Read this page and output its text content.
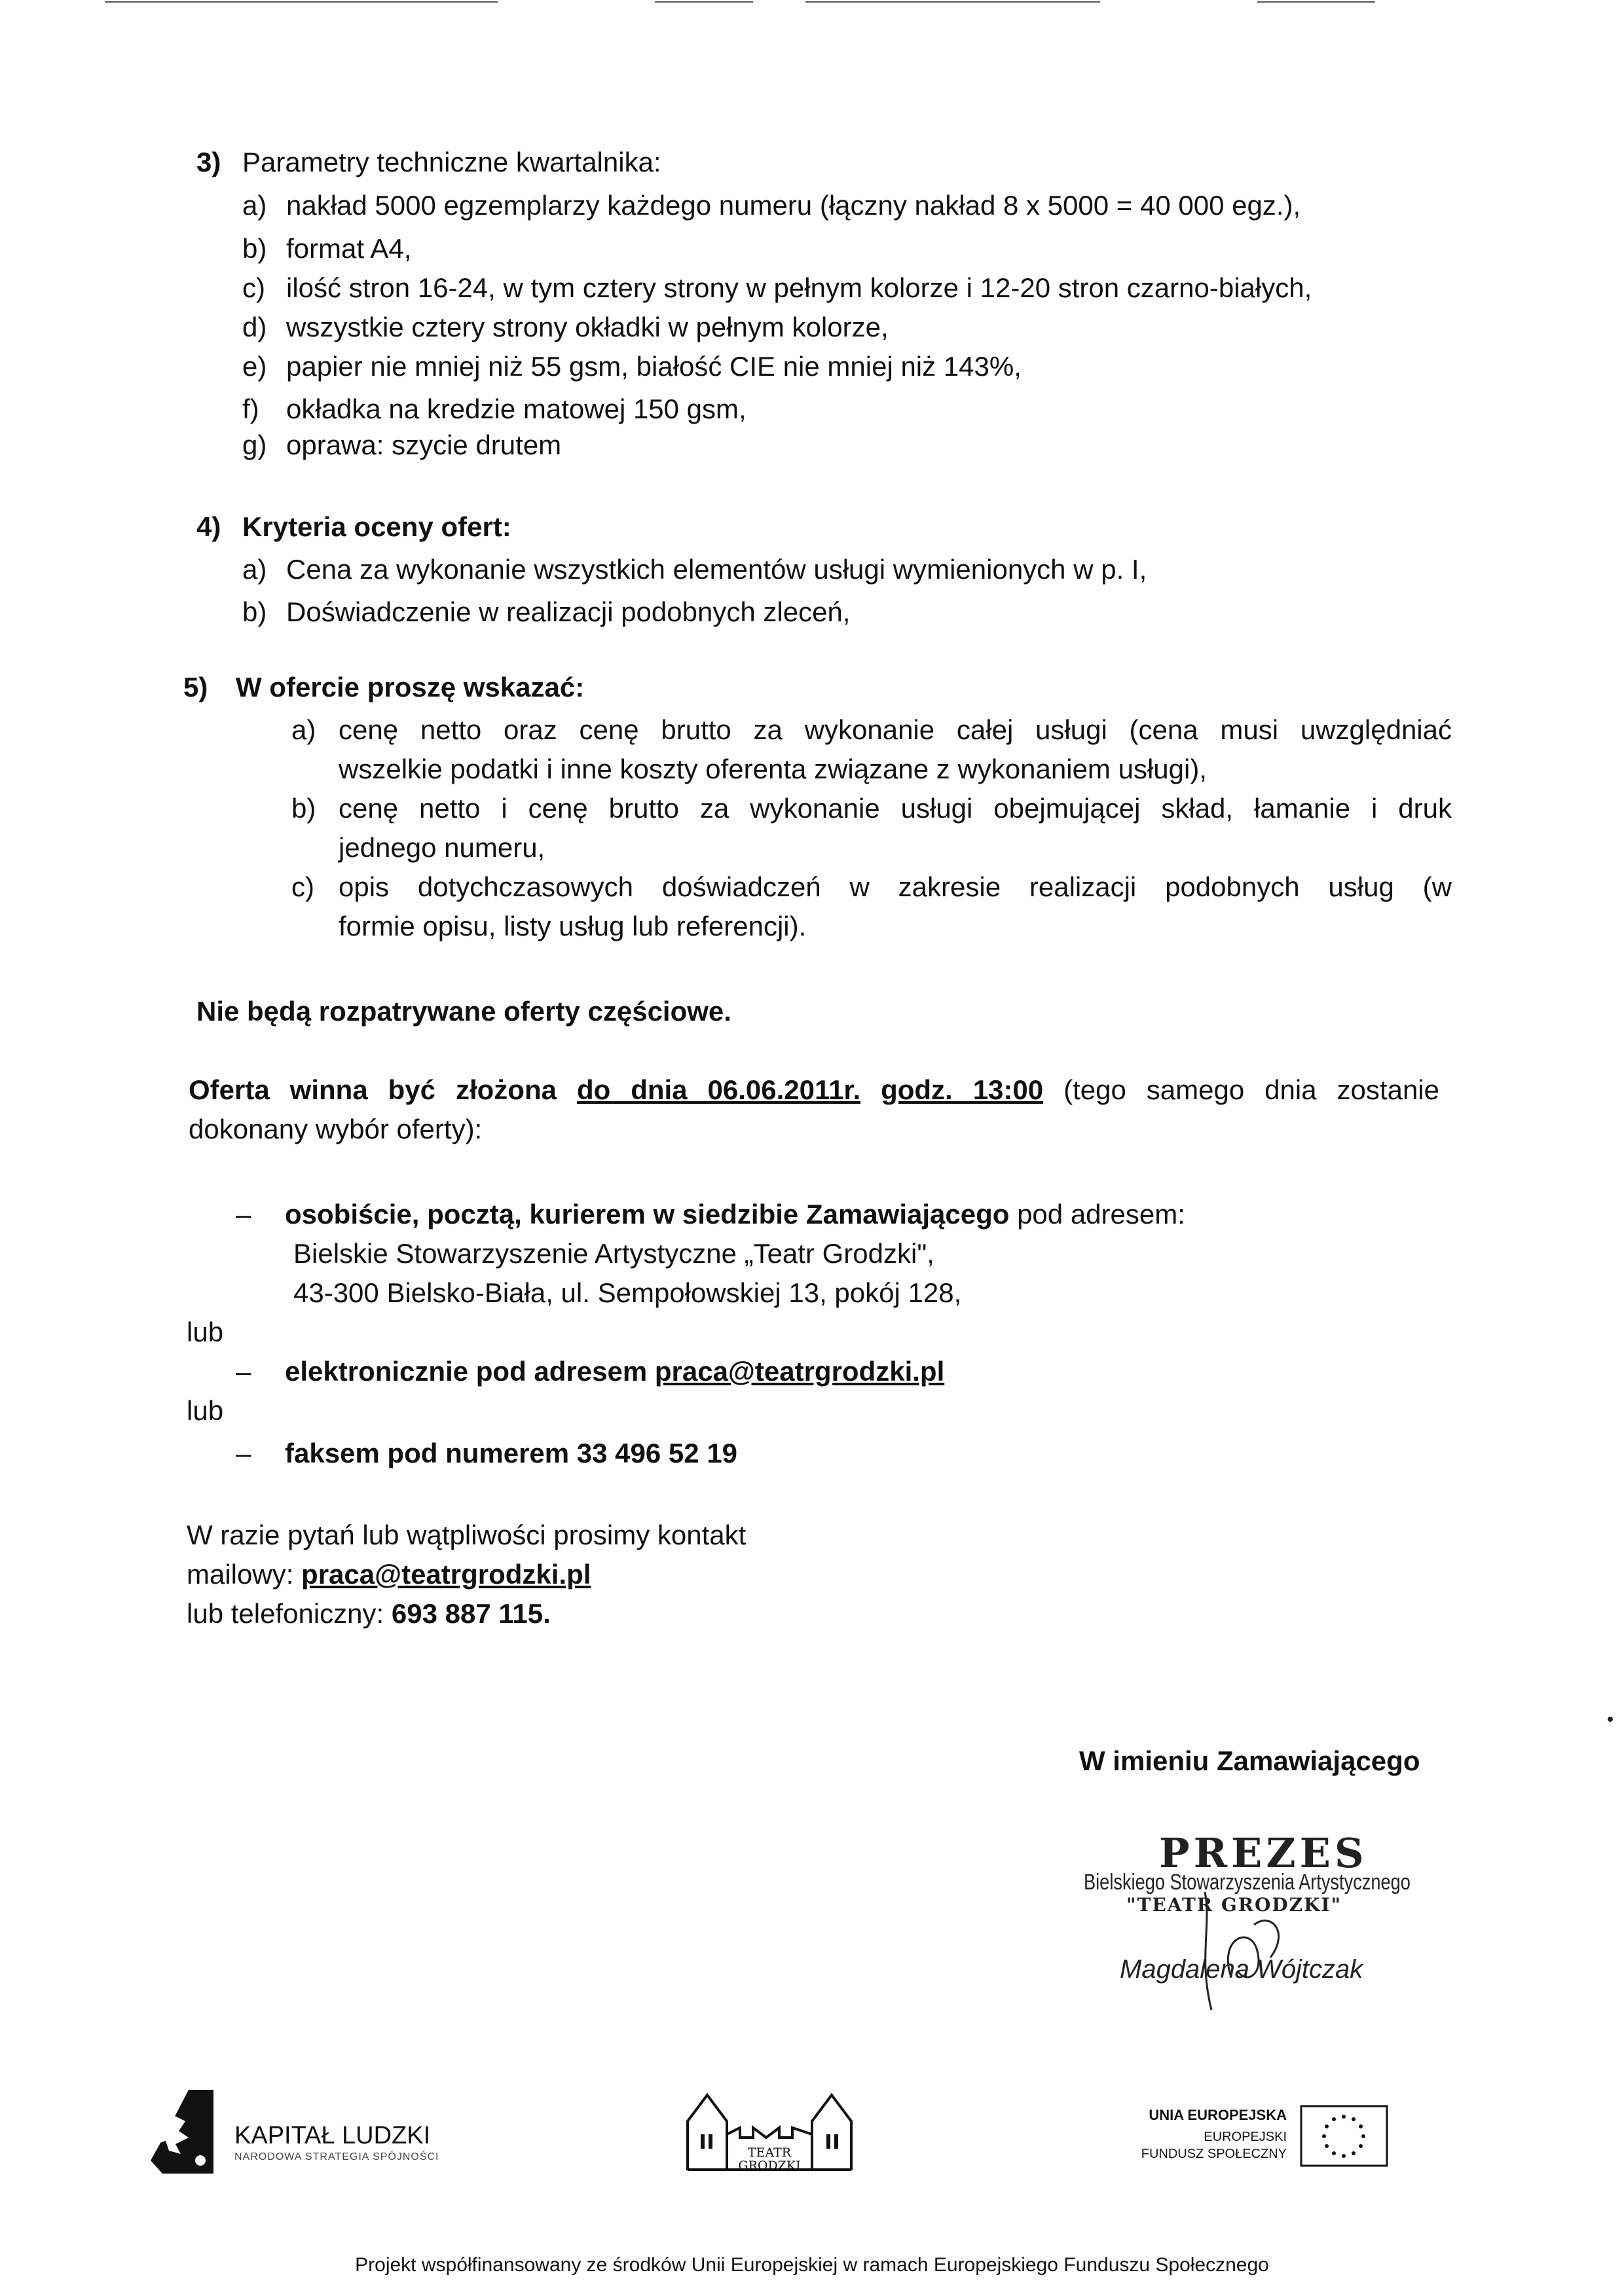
3) Parametry techniczne kwartalnika:
a) nakład 5000 egzemplarzy każdego numeru (łączny nakład 8 x 5000 = 40 000 egz.),
b) format A4,
c) ilość stron 16-24, w tym cztery strony w pełnym kolorze i 12-20 stron czarno-białych,
d) wszystkie cztery strony okładki w pełnym kolorze,
e) papier nie mniej niż 55 gsm, białość CIE nie mniej niż 143%,
f) okładka na kredzie matowej 150 gsm,
g) oprawa: szycie drutem
4) Kryteria oceny ofert:
a) Cena za wykonanie wszystkich elementów usługi wymienionych w p. I,
b) Doświadczenie w realizacji podobnych zleceń,
5) W ofercie proszę wskazać:
a) cenę netto oraz cenę brutto za wykonanie całej usługi (cena musi uwzględniać
wszelkie podatki i inne koszty oferenta związane z wykonaniem usługi),
b) cenę netto i cenę brutto za wykonanie usługi obejmującej skład, łamanie i druk
jednego numeru,
c) opis dotychczasowych doświadczeń w zakresie realizacji podobnych usług (w
formie opisu, listy usług lub referencji).
Nie będą rozpatrywane oferty częściowe.
Oferta winna być złożona do dnia 06.06.2011r. godz. 13:00 (tego samego dnia zostanie
dokonany wybór oferty):
– osobiście, pocztą, kurierem w siedzibie Zamawiającego pod adresem:
Bielskie Stowarzyszenie Artystyczne „Teatr Grodzki",
43-300 Bielsko-Biała, ul. Sempołowskiej 13, pokój 128,
lub
– elektronicznie pod adresem praca@teatrgrodzki.pl
lub
– faksem pod numerem 33 496 52 19
W razie pytań lub wątpliwości prosimy kontakt
mailowy: praca@teatrgrodzki.pl
lub telefoniczny: 693 887 115.
W imieniu Zamawiającego
PREZES
Bielskiego Stowarzyszenia Artystycznego
"TEATR GRODZKI"
Magdalena Wójtczak
KAPITAŁ LUDZKI
NARODOWA STRATEGIA SPÓJNOŚCI	TEATR GRODZKI
UNIA EUROPEJSKA
EUROPEJSKI
FUNDUSZ SPOŁECZNY
Projekt współfinansowany ze środków Unii Europejskiej w ramach Europejskiego Funduszu Społecznego
